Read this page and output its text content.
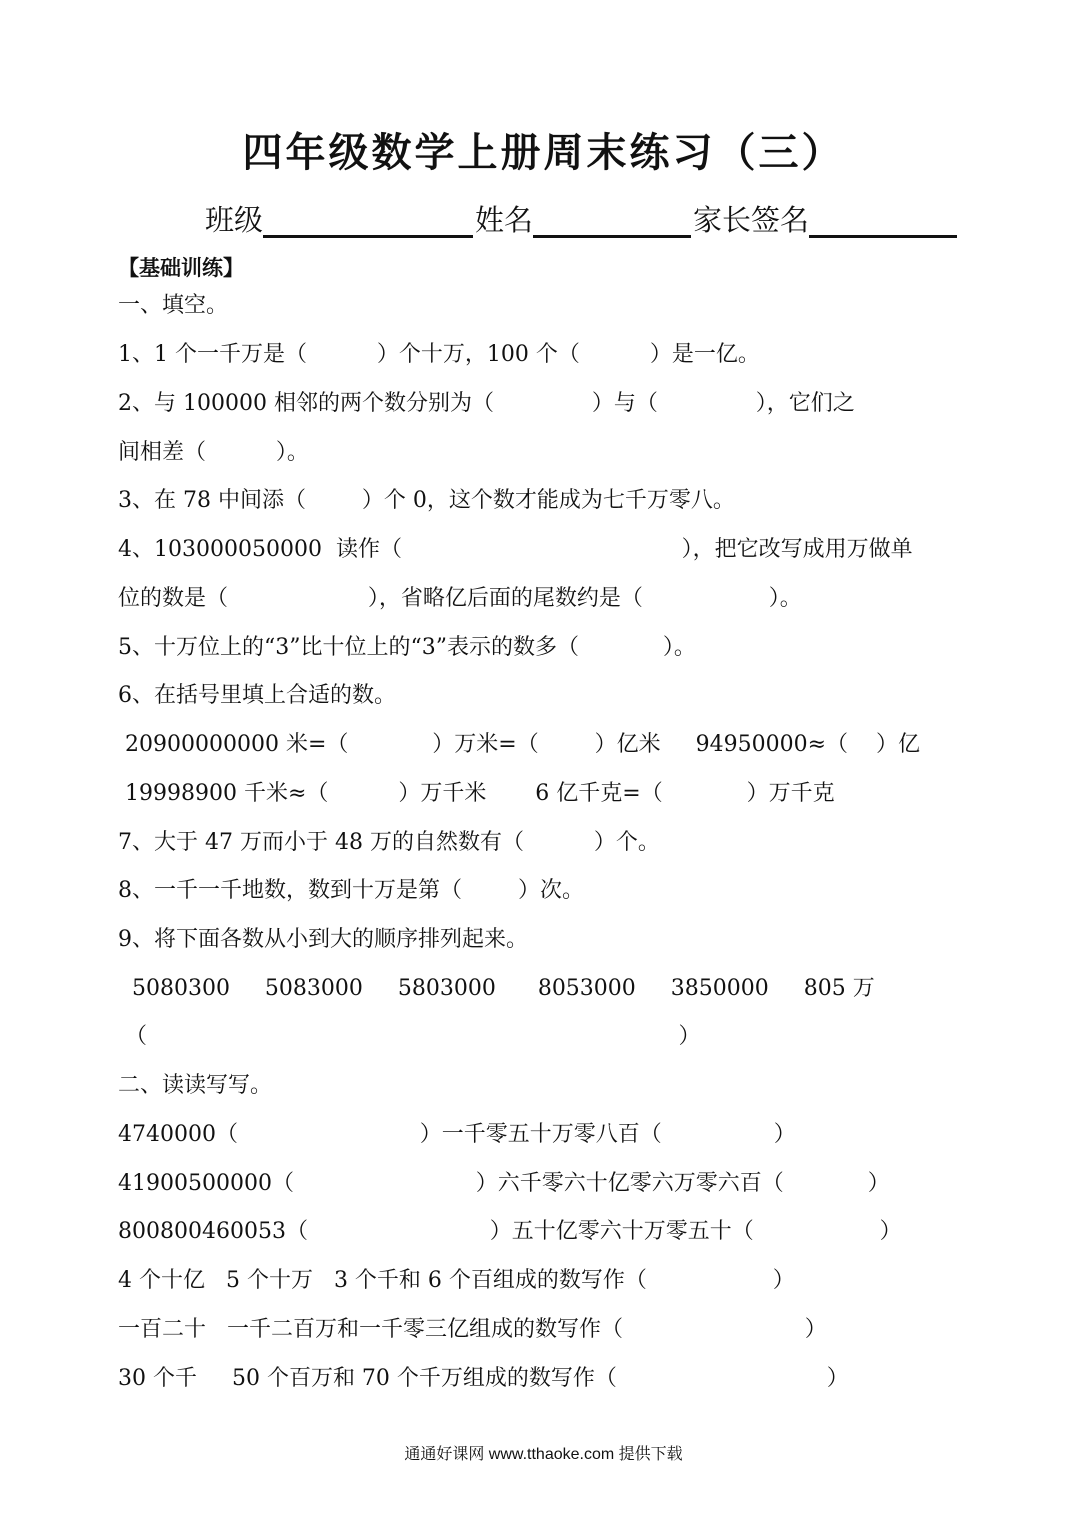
四年级数学上册周末练习（三）
班级	姓名	家长签名
【基础训练】
一、填空。
1、1 个一千万是（          ）个十万，100 个（          ）是一亿。
2、与 100000 相邻的两个数分别为（              ）与（              ），它们之
间相差（          ）。
3、在 78 中间添（        ）个 0，这个数才能成为七千万零八。
4、103000050000  读作（                                        ），把它改写成用万做单
位的数是（                    ），省略亿后面的尾数约是（                  ）。
5、十万位上的“3”比十位上的“3”表示的数多（            ）。
6、在括号里填上合适的数。
20900000000 米=（            ）万米=（        ）亿米     94950000≈（    ）亿
19998900 千米≈（          ）万千米       6 亿千克=（            ）万千克
7、大于 47 万而小于 48 万的自然数有（          ）个。
8、一千一千地数，数到十万是第（        ）次。
9、将下面各数从小到大的顺序排列起来。
5080300     5083000     5803000      8053000     3850000     805 万
（                                                                            ）
二、读读写写。
4740000（                          ）一千零五十万零八百（                ）
41900500000（                          ）六千零六十亿零六万零六百（            ）
800800460053（                          ）五十亿零六十万零五十（                  ）
4 个十亿   5 个十万   3 个千和 6 个百组成的数写作（                  ）
一百二十   一千二百万和一千零三亿组成的数写作（                          ）
30 个千     50 个百万和 70 个千万组成的数写作（                              ）
通通好课网 www.tthaoke.com 提供下载
